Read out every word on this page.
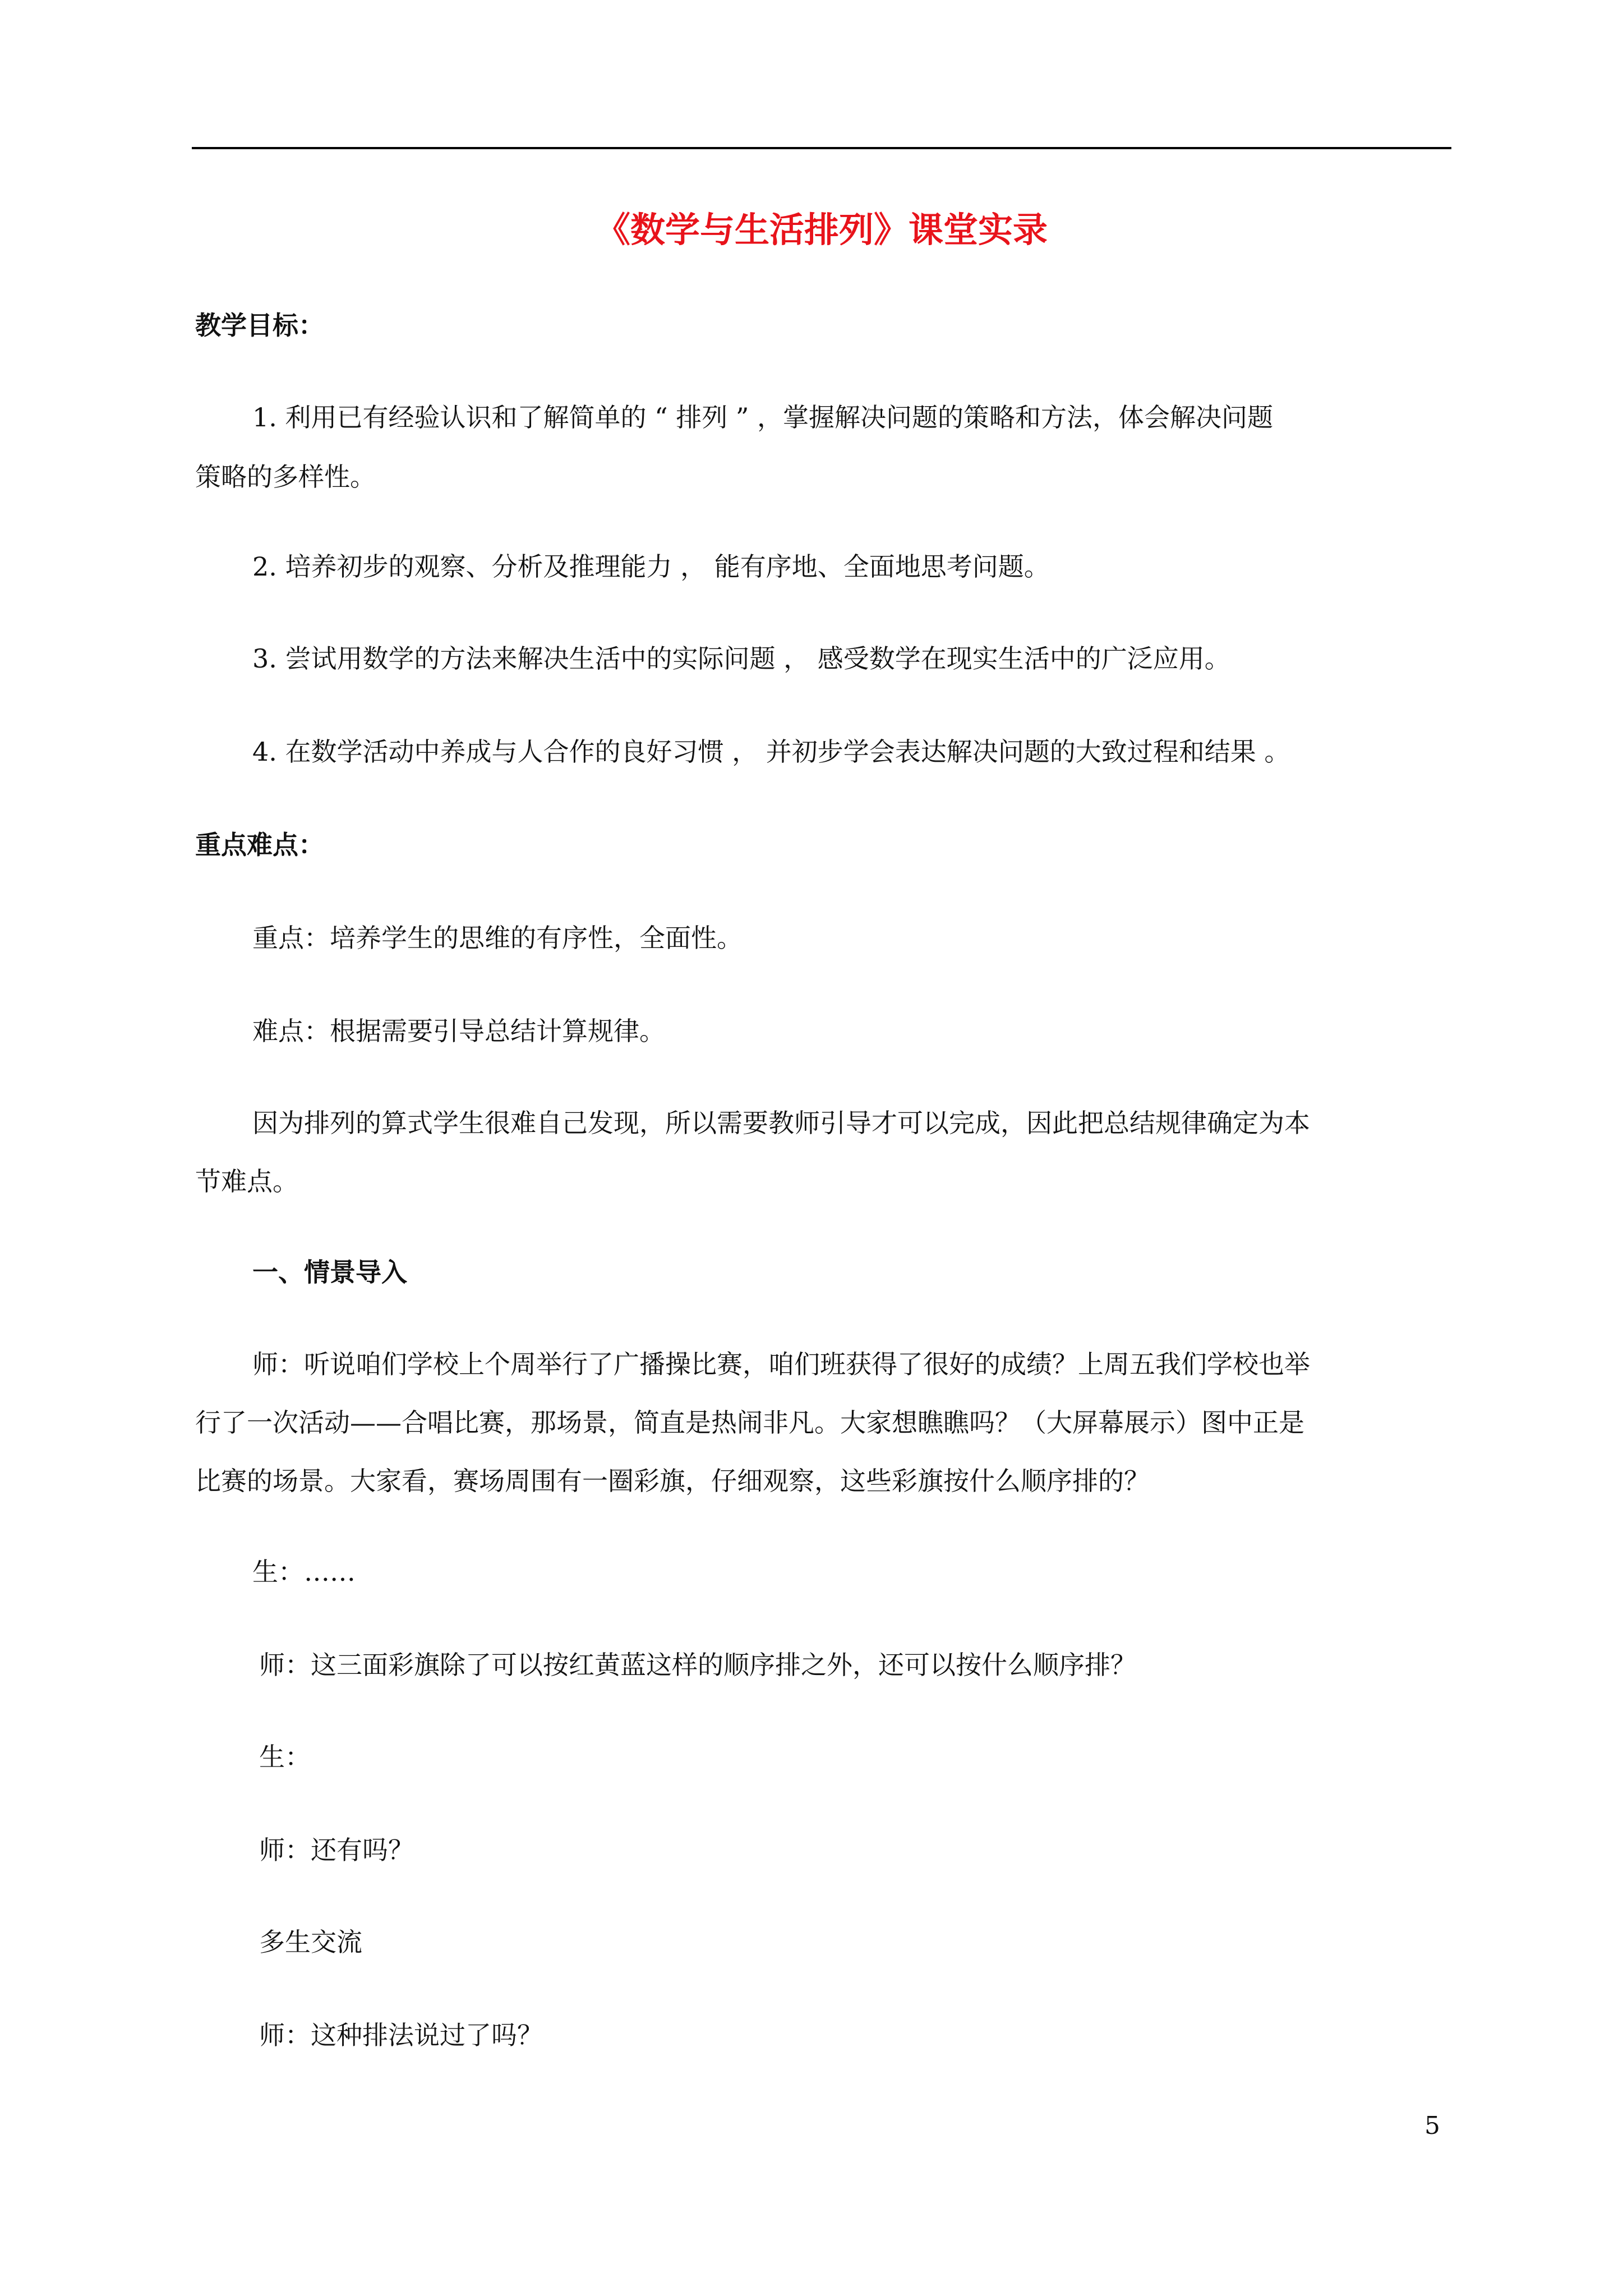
《数学与生活排列》课堂实录
教学目标：
1. 利用已有经验认识和了解简单的 “ 排列 ” ，掌握解决问题的策略和方法，体会解决问题
策略的多样性。
2. 培养初步的观察、分析及推理能力 ， 能有序地、全面地思考问题。
3. 尝试用数学的方法来解决生活中的实际问题 ， 感受数学在现实生活中的广泛应用。
4. 在数学活动中养成与人合作的良好习惯 ， 并初步学会表达解决问题的大致过程和结果 。
重点难点：
重点：培养学生的思维的有序性，全面性。
难点：根据需要引导总结计算规律。
因为排列的算式学生很难自己发现，所以需要教师引导才可以完成，因此把总结规律确定为本
节难点。
一、情景导入
师：听说咱们学校上个周举行了广播操比赛，咱们班获得了很好的成绩？上周五我们学校也举
行了一次活动——合唱比赛，那场景，简直是热闹非凡。大家想瞧瞧吗？（大屏幕展示）图中正是
比赛的场景。大家看，赛场周围有一圈彩旗，仔细观察，这些彩旗按什么顺序排的？
生：……
师：这三面彩旗除了可以按红黄蓝这样的顺序排之外，还可以按什么顺序排？
生：
师：还有吗？
多生交流
师：这种排法说过了吗？
5
